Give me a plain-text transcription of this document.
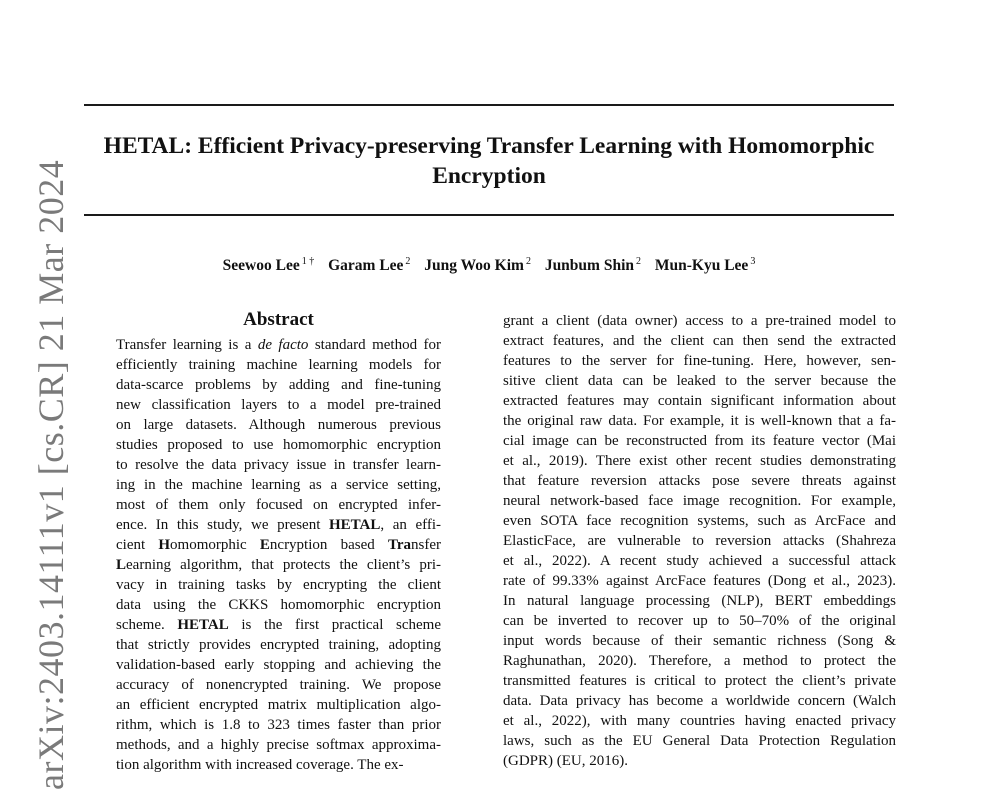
HETAL: Efficient Privacy-preserving Transfer Learning with Homomorphic
Encryption
Seewoo Lee $^{1 \dagger}$ Garam Lee $^2$ Jung Woo Kim $^2$ Junbum Shin $^2$ Mun-Kyu Lee $^3$
Abstract
Transfer learning is a de facto standard method for
efficiently training machine learning models for
data-scarce problems by adding and fine-tuning
new classification layers to a model pre-trained
on large datasets. Although numerous previous
studies proposed to use homomorphic encryption
to resolve the data privacy issue in transfer learn-
ing in the machine learning as a service setting,
most of them only focused on encrypted infer-
ence. In this study, we present HETAL, an effi-
cient Homomorphic Encryption based Transfer
Learning algorithm, that protects the client’s pri-
vacy in training tasks by encrypting the client
data using the CKKS homomorphic encryption
scheme. HETAL is the first practical scheme
that strictly provides encrypted training, adopting
validation-based early stopping and achieving the
accuracy of nonencrypted training. We propose
an efficient encrypted matrix multiplication algo-
rithm, which is 1.8 to 323 times faster than prior
methods, and a highly precise softmax approxima-
tion algorithm with increased coverage. The ex-
grant a client (data owner) access to a pre-trained model to
extract features, and the client can then send the extracted
features to the server for fine-tuning. Here, however, sen-
sitive client data can be leaked to the server because the
extracted features may contain significant information about
the original raw data. For example, it is well-known that a fa-
cial image can be reconstructed from its feature vector (Mai
et al., 2019). There exist other recent studies demonstrating
that feature reversion attacks pose severe threats against
neural network-based face image recognition. For example,
even SOTA face recognition systems, such as ArcFace and
ElasticFace, are vulnerable to reversion attacks (Shahreza
et al., 2022). A recent study achieved a successful attack
rate of 99.33% against ArcFace features (Dong et al., 2023).
In natural language processing (NLP), BERT embeddings
can be inverted to recover up to 50–70% of the original
input words because of their semantic richness (Song &
Raghunathan, 2020). Therefore, a method to protect the
transmitted features is critical to protect the client’s private
data. Data privacy has become a worldwide concern (Walch
et al., 2022), with many countries having enacted privacy
laws, such as the EU General Data Protection Regulation
(GDPR) (EU, 2016).
arXiv:2403.14111v1 [cs.CR] 21 Mar 2024
